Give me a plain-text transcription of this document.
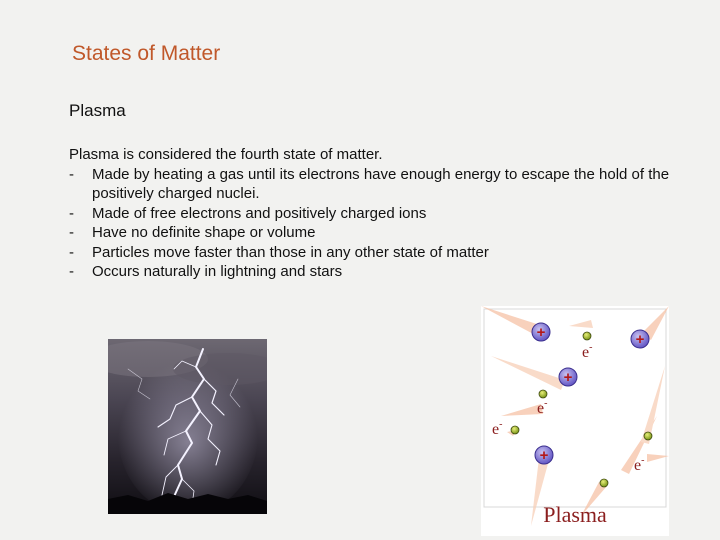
States of Matter
Plasma

Plasma is considered the fourth state of matter.

- Made by heating a gas until its electrons have enough energy to escape the hold of the positively charged nuclei.
- Made of free electrons and positively charged ions
- Have no definite shape or volume
- Particles move faster than those in any other state of matter
- Occurs naturally in lightning and stars
+	+
+
+
e-
e-
e-
e-
Plasma
